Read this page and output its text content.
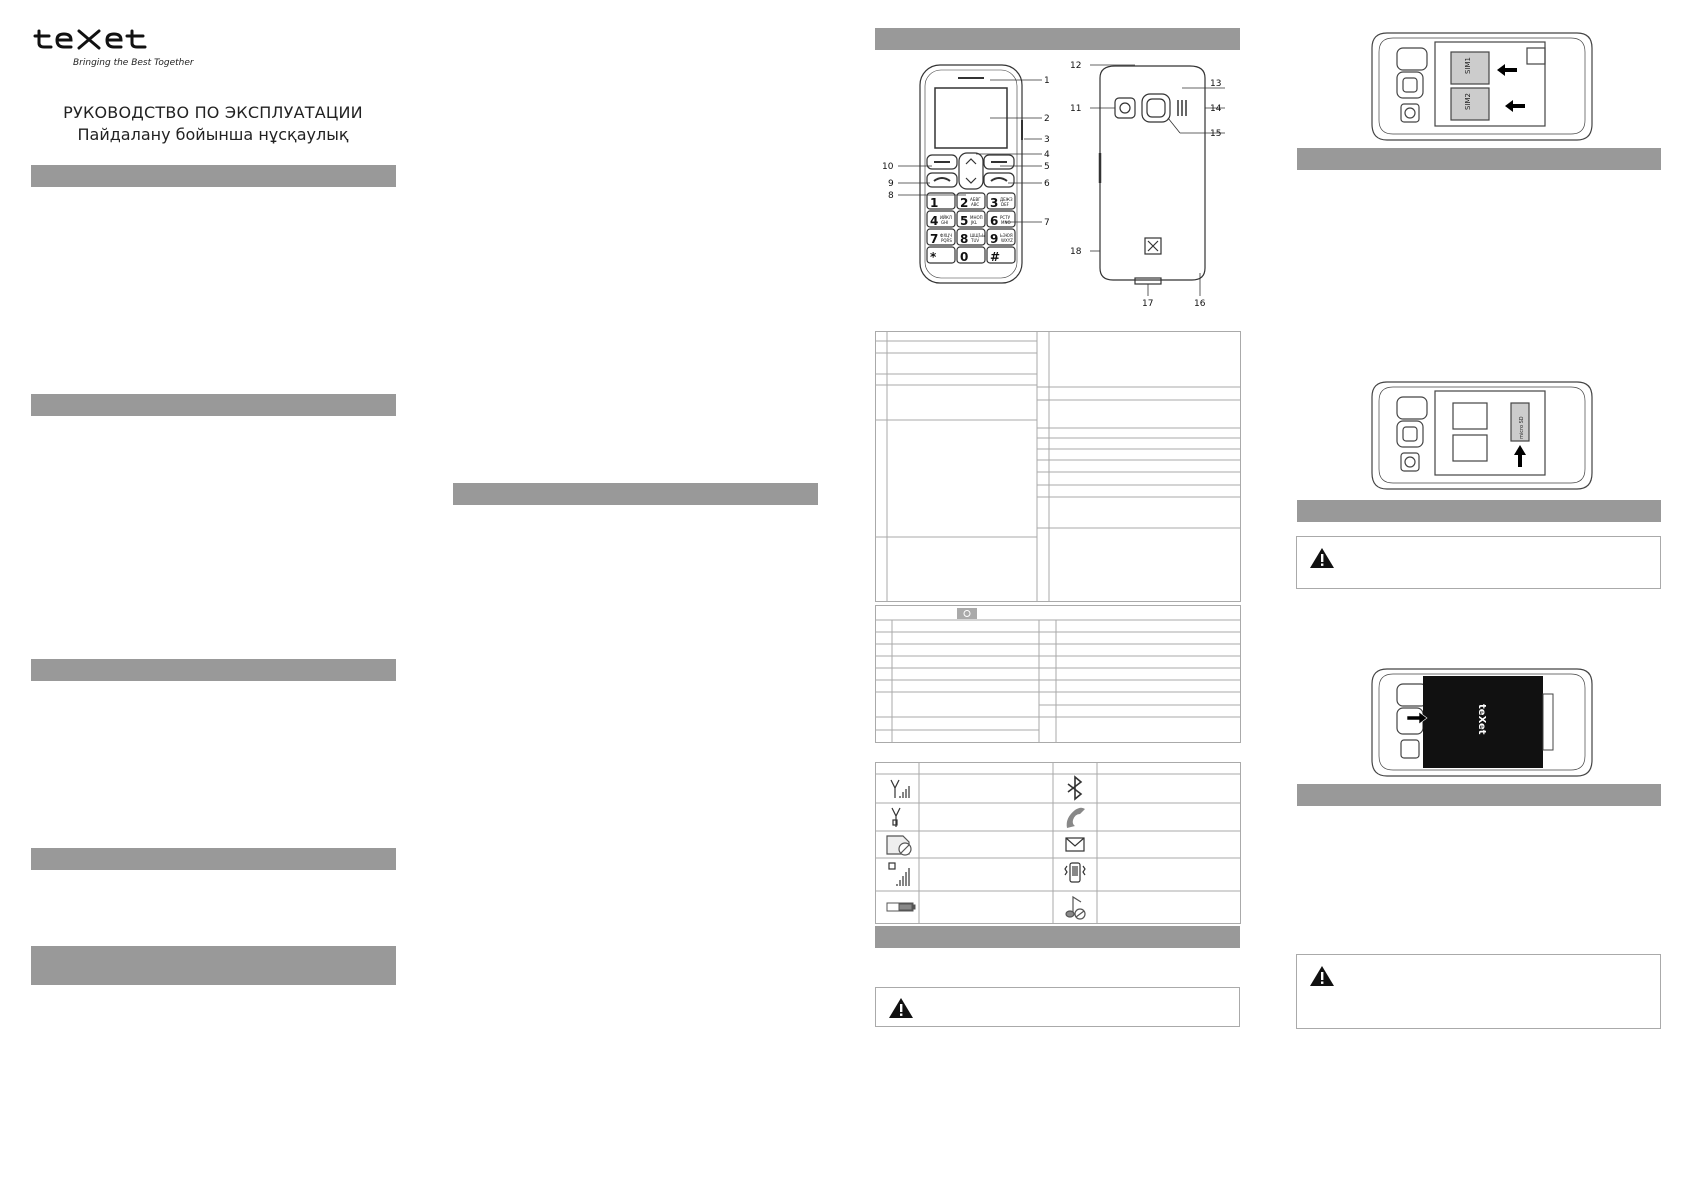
Bringing the Best Together
РУКОВОДСТВО ПО ЭКСПЛУАТАЦИИ
Пайдалану бойынша нұсқаулық
1 2 АБВГ
ABC 3 ДЕЖЗ
DEF
4 ИЙКЛ
GHI 5 МНОП
JKL 6 РСТУ
MNO
7 ФХЦЧ
PQRS 8 ШЩЪЫ
TUV 9 ЬЭЮЯ
WXYZ
* 0 #
1
2
3
4
5
6
7
8
9
10
11
12
13
14
15
16
17
18
SIM1
SIM2
micro SD
teXet
